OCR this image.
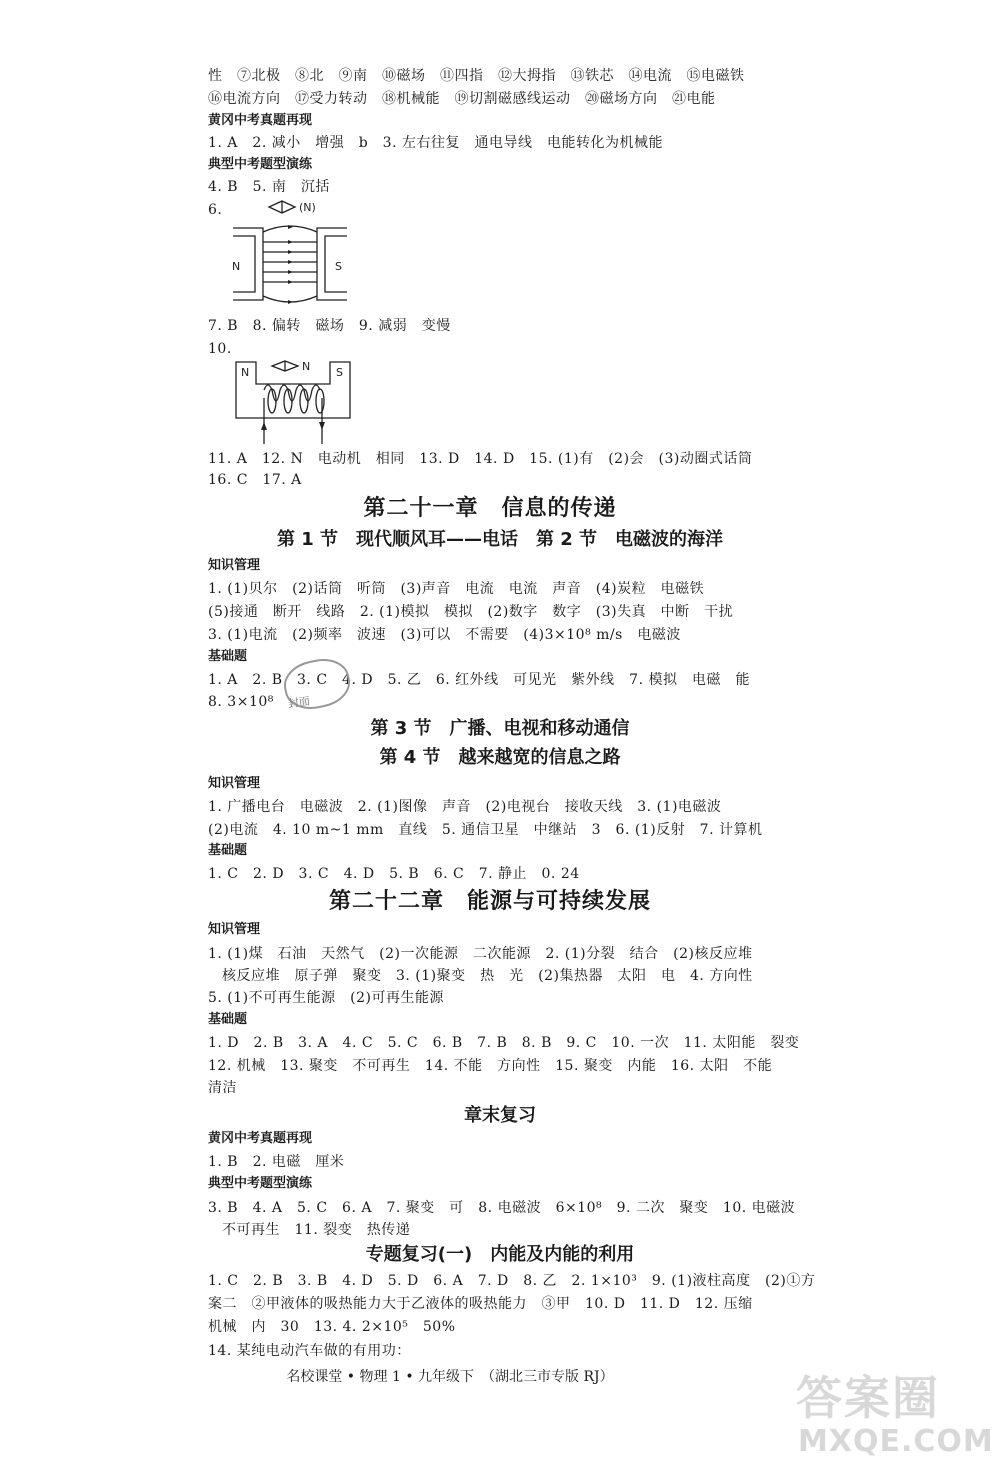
性　⑦北极　⑧北　⑨南　⑩磁场　⑪四指　⑫大拇指　⑬铁芯　⑭电流　⑮电磁铁
⑯电流方向　⑰受力转动　⑱机械能　⑲切割磁感线运动　⑳磁场方向　㉑电能
黄冈中考真题再现
1. A　2. 减小　增强　b　3. 左右往复　通电导线　电能转化为机械能
典型中考题型演练
4. B　5. 南　沉括
6.	(N)
N	S
7. B　8. 偏转　磁场　9. 减弱　变慢
10.
N
N	S
11. A　12. N　电动机　相同　13. D　14. D　15. (1)有　(2)会　(3)动圈式话筒
16. C　17. A
第二十一章　信息的传递
第 1 节　现代顺风耳——电话　第 2 节　电磁波的海洋
知识管理
1. (1)贝尔　(2)话筒　听筒　(3)声音　电流　电流　声音　(4)炭粒　电磁铁
(5)接通　断开　线路　2. (1)模拟　模拟　(2)数字　数字　(3)失真　中断　干扰
3. (1)电流　(2)频率　波速　(3)可以　不需要　(4)3×10⁸ m/s　电磁波
基础题
1. A　2. B　3. C　4. D　5. 乙　6. 红外线　可见光　紫外线　7. 模拟　电磁　能
8. 3×10⁸ 封面
第 3 节　广播、电视和移动通信
第 4 节　越来越宽的信息之路
知识管理
1. 广播电台　电磁波　2. (1)图像　声音　(2)电视台　接收天线　3. (1)电磁波
(2)电流　4. 10 m~1 mm　直线　5. 通信卫星　中继站　3　6. (1)反射　7. 计算机
基础题
1. C　2. D　3. C　4. D　5. B　6. C　7. 静止　0. 24
第二十二章　能源与可持续发展
知识管理
1. (1)煤　石油　天然气　(2)一次能源　二次能源　2. (1)分裂　结合　(2)核反应堆
核反应堆　原子弹　聚变　3. (1)聚变　热　光　(2)集热器　太阳　电　4. 方向性
5. (1)不可再生能源　(2)可再生能源
基础题
1. D　2. B　3. A　4. C　5. C　6. B　7. B　8. B　9. C　10. 一次　11. 太阳能　裂变
12. 机械　13. 聚变　不可再生　14. 不能　方向性　15. 聚变　内能　16. 太阳　不能
清洁
章末复习
黄冈中考真题再现
1. B　2. 电磁　厘米
典型中考题型演练
3. B　4. A　5. C　6. A　7. 聚变　可　8. 电磁波　6×10⁸　9. 二次　聚变　10. 电磁波
不可再生　11. 裂变　热传递
专题复习(一)　内能及内能的利用
1. C　2. B　3. B　4. D　5. D　6. A　7. D　8. 乙　2. 1×10³　9. (1)液柱高度　(2)①方
案二　②甲液体的吸热能力大于乙液体的吸热能力　③甲　10. D　11. D　12. 压缩
机械　内　30　13. 4. 2×10⁵　50%
14. 某纯电动汽车做的有用功：
名校课堂 • 物理 1 • 九年级下　（湖北三市专版 RJ）	答案圈
MXQE.COM
